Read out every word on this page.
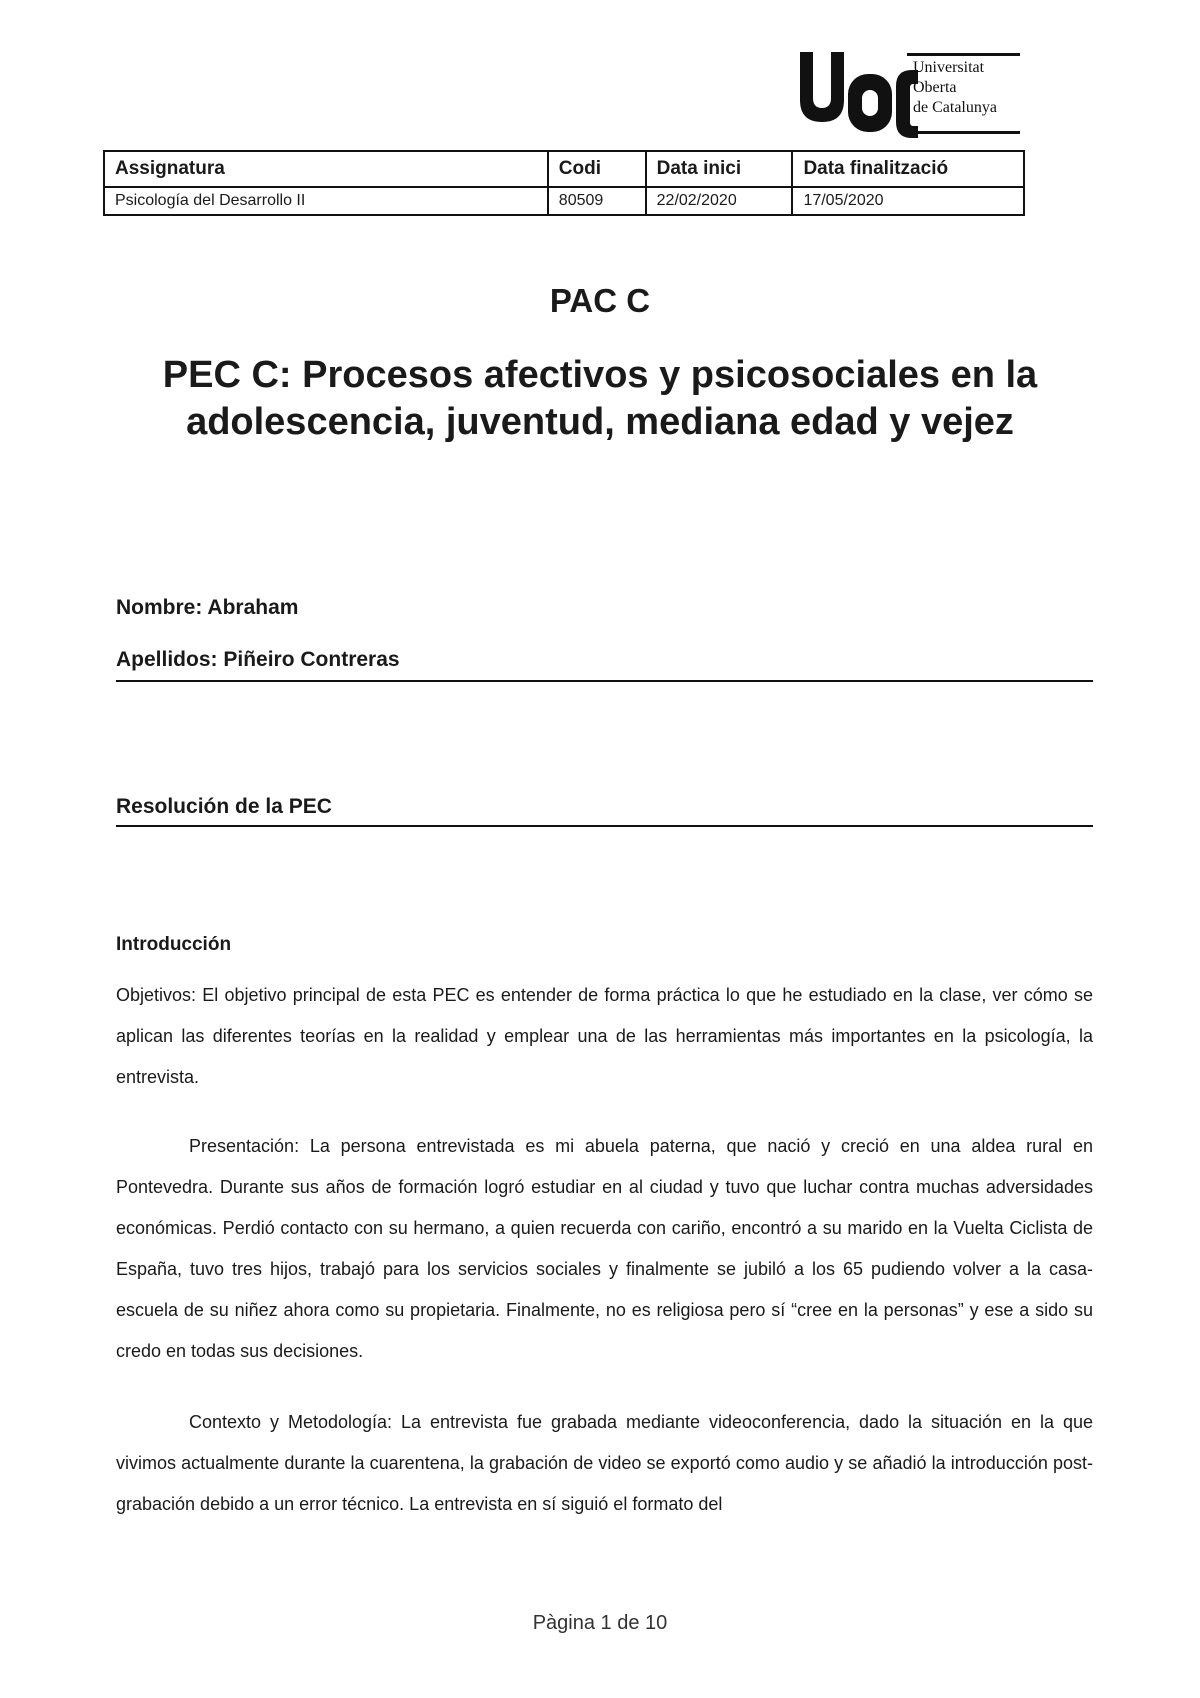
Universitat
Oberta
de Catalunya
Assignatura	Codi	Data inici	Data finalització
Psicología del Desarrollo II	80509	22/02/2020	17/05/2020
PAC C
PEC C: Procesos afectivos y psicosociales en la adolescencia, juventud, mediana edad y vejez
Nombre: Abraham
Apellidos: Piñeiro Contreras
Resolución de la PEC
Introducción
Objetivos: El objetivo principal de esta PEC es entender de forma práctica lo que he estudiado en la clase, ver cómo se aplican las diferentes teorías en la realidad y emplear una de las herramientas más importantes en la psicología, la entrevista.
Presentación: La persona entrevistada es mi abuela paterna, que nació y creció en una aldea rural en Pontevedra. Durante sus años de formación logró estudiar en al ciudad y tuvo que luchar contra muchas adversidades económicas. Perdió contacto con su hermano, a quien recuerda con cariño, encontró a su marido en la Vuelta Ciclista de España, tuvo tres hijos, trabajó para los servicios sociales y finalmente se jubiló a los 65 pudiendo volver a la casa-escuela de su niñez ahora como su propietaria. Finalmente, no es religiosa pero sí “cree en la personas” y ese a sido su credo en todas sus decisiones.
Contexto y Metodología: La entrevista fue grabada mediante videoconferencia, dado la situación en la que vivimos actualmente durante la cuarentena, la grabación de video se exportó como audio y se añadió la introducción post-grabación debido a un error técnico. La entrevista en sí siguió el formato del
Pàgina 1 de 10
